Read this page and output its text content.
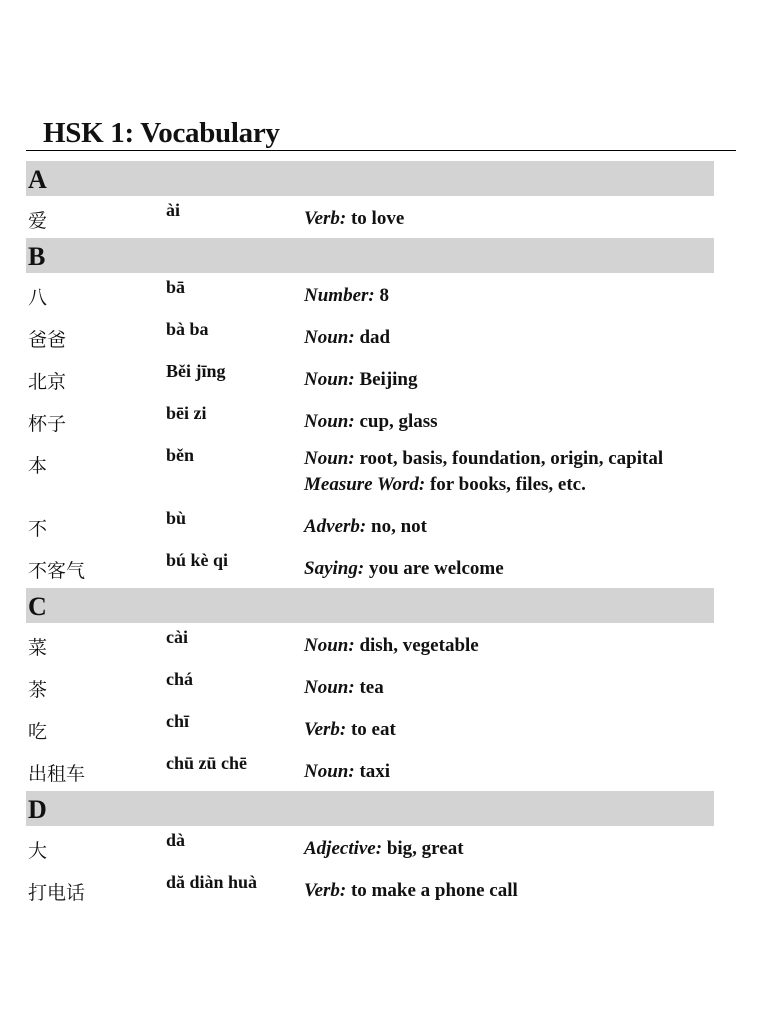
HSK 1: Vocabulary
A
爱	ài	Verb: to love
B
八	bā	Number: 8
爸爸	bà ba	Noun: dad
北京	Běi jīng	Noun: Beijing
杯子	bēi zi	Noun: cup, glass
本	běn	Noun: root, basis, foundation, origin, capital
Measure Word: for books, files, etc.
不	bù	Adverb: no, not
不客气	bú kè qi	Saying: you are welcome
C
菜	cài	Noun: dish, vegetable
茶	chá	Noun: tea
吃	chī	Verb: to eat
出租车	chū zū chē	Noun: taxi
D
大	dà	Adjective: big, great
打电话	dă diàn huà Verb: to make a phone call
